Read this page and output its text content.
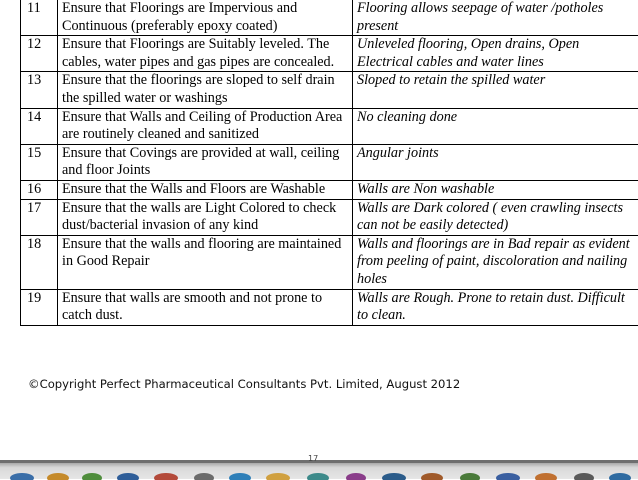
11	Ensure that Floorings are Impervious and Continuous (preferably epoxy coated)	Flooring allows seepage of water /potholes present
12	Ensure that Floorings are Suitably leveled. The cables, water pipes and gas pipes are concealed.	Unleveled flooring, Open drains, Open Electrical cables and water lines
13	Ensure that the floorings are sloped to self drain the spilled water or washings	Sloped to retain the spilled water
14	Ensure that Walls and Ceiling of Production Area are routinely cleaned and sanitized	No cleaning done
15	Ensure that Covings are provided at wall, ceiling and floor Joints	Angular joints
16	Ensure that the Walls and Floors are Washable	Walls are Non washable
17	Ensure that the walls are Light Colored to check dust/bacterial invasion of any kind	Walls are Dark colored ( even crawling insects can not be easily detected)
18	Ensure that the walls and flooring are maintained in Good Repair	Walls and floorings are in Bad repair as evident from peeling of paint, discoloration and nailing holes
19	Ensure that walls are smooth and not prone to catch dust.	Walls are Rough. Prone to retain dust. Difficult to clean.
©Copyright Perfect Pharmaceutical Consultants Pvt. Limited, August 2012
17
